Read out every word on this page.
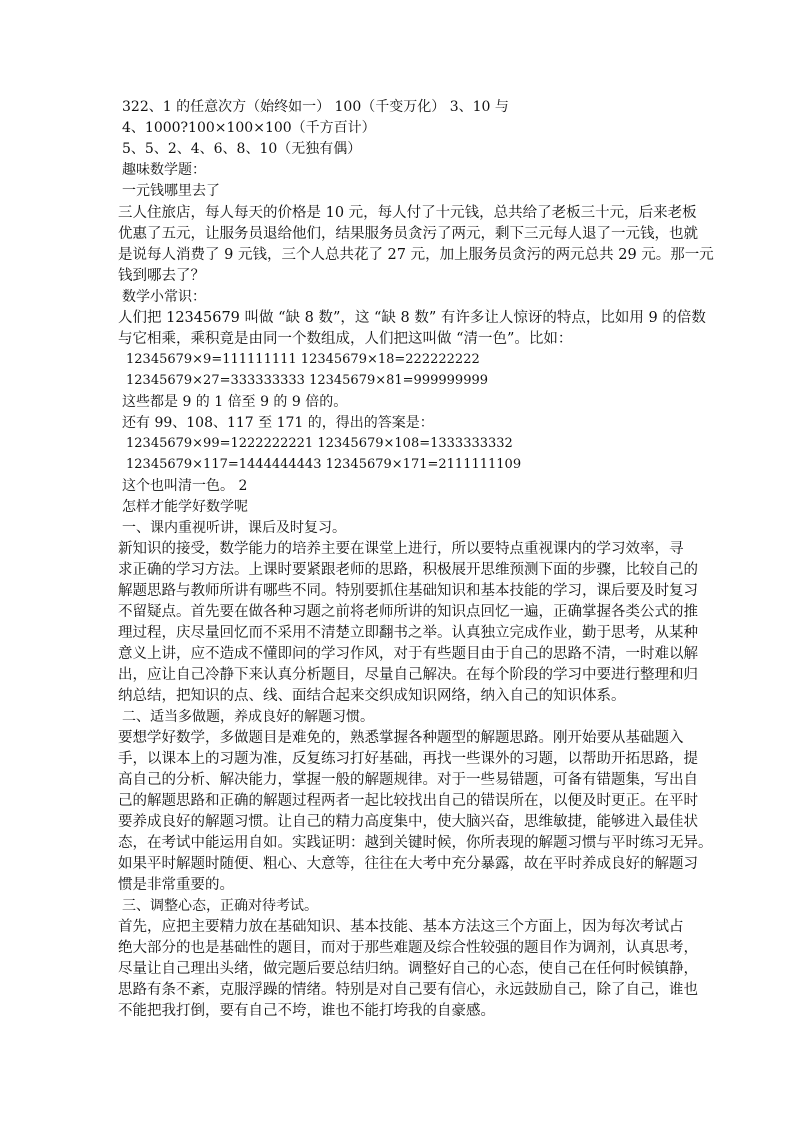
322、1 的任意次方（始终如一） 100（千变万化） 3、10 与
4、1000?100×100×100（千方百计）
5、5、2、4、6、8、10（无独有偶）
趣味数学题：
一元钱哪里去了
三人住旅店，每人每天的价格是 10 元，每人付了十元钱，总共给了老板三十元，后来老板
优惠了五元，让服务员退给他们，结果服务员贪污了两元，剩下三元每人退了一元钱，也就
是说每人消费了 9 元钱，三个人总共花了 27 元，加上服务员贪污的两元总共 29 元。那一元
钱到哪去了？
数学小常识：
人们把 12345679 叫做 “缺 8 数”，这 “缺 8 数” 有许多让人惊讶的特点，比如用 9 的倍数
与它相乘，乘积竟是由同一个数组成，人们把这叫做 “清一色”。比如：
12345679×9=111111111 12345679×18=222222222
12345679×27=333333333 12345679×81=999999999
这些都是 9 的 1 倍至 9 的 9 倍的。
还有 99、108、117 至 171 的，得出的答案是：
12345679×99=1222222221 12345679×108=1333333332
12345679×117=1444444443 12345679×171=2111111109
这个也叫清一色。 2
怎样才能学好数学呢
一、课内重视听讲，课后及时复习。
新知识的接受，数学能力的培养主要在课堂上进行，所以要特点重视课内的学习效率，寻
求正确的学习方法。上课时要紧跟老师的思路，积极展开思维预测下面的步骤，比较自己的
解题思路与教师所讲有哪些不同。特别要抓住基础知识和基本技能的学习，课后要及时复习
不留疑点。首先要在做各种习题之前将老师所讲的知识点回忆一遍，正确掌握各类公式的推
理过程，庆尽量回忆而不采用不清楚立即翻书之举。认真独立完成作业，勤于思考，从某种
意义上讲，应不造成不懂即问的学习作风，对于有些题目由于自己的思路不清，一时难以解
出，应让自己冷静下来认真分析题目，尽量自己解决。在每个阶段的学习中要进行整理和归
纳总结，把知识的点、线、面结合起来交织成知识网络，纳入自己的知识体系。
二、适当多做题，养成良好的解题习惯。
要想学好数学，多做题目是难免的，熟悉掌握各种题型的解题思路。刚开始要从基础题入
手，以课本上的习题为准，反复练习打好基础，再找一些课外的习题，以帮助开拓思路，提
高自己的分析、解决能力，掌握一般的解题规律。对于一些易错题，可备有错题集，写出自
己的解题思路和正确的解题过程两者一起比较找出自己的错误所在，以便及时更正。在平时
要养成良好的解题习惯。让自己的精力高度集中，使大脑兴奋，思维敏捷，能够进入最佳状
态，在考试中能运用自如。实践证明：越到关键时候，你所表现的解题习惯与平时练习无异。
如果平时解题时随便、粗心、大意等，往往在大考中充分暴露，故在平时养成良好的解题习
惯是非常重要的。
三、调整心态，正确对待考试。
首先，应把主要精力放在基础知识、基本技能、基本方法这三个方面上，因为每次考试占
绝大部分的也是基础性的题目，而对于那些难题及综合性较强的题目作为调剂，认真思考，
尽量让自己理出头绪，做完题后要总结归纳。调整好自己的心态，使自己在任何时候镇静，
思路有条不紊，克服浮躁的情绪。特别是对自己要有信心，永远鼓励自己，除了自己，谁也
不能把我打倒，要有自己不垮，谁也不能打垮我的自豪感。
